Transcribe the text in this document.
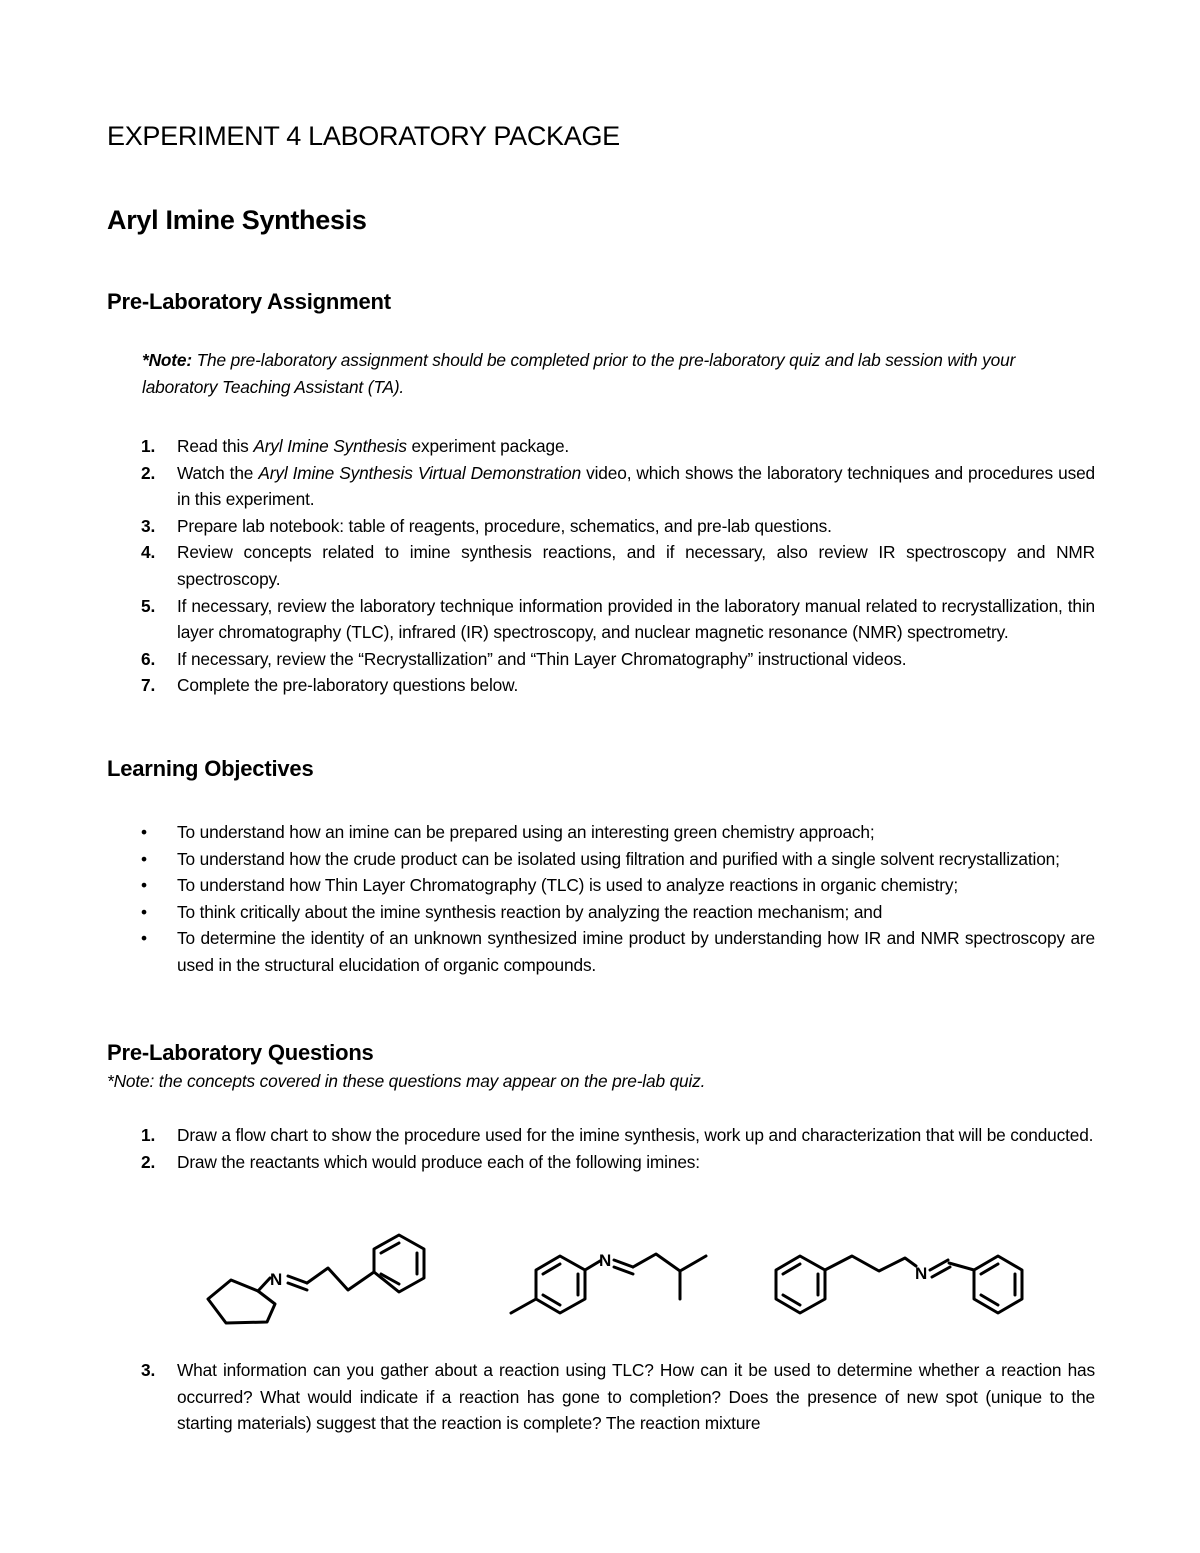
EXPERIMENT 4 LABORATORY PACKAGE
Aryl Imine Synthesis
Pre-Laboratory Assignment

*Note: The pre-laboratory assignment should be completed prior to the pre-laboratory quiz and lab session with your laboratory Teaching Assistant (TA).

1. Read this Aryl Imine Synthesis experiment package.
2. Watch the Aryl Imine Synthesis Virtual Demonstration video, which shows the laboratory techniques and procedures used in this experiment.
3. Prepare lab notebook: table of reagents, procedure, schematics, and pre-lab questions.
4. Review concepts related to imine synthesis reactions, and if necessary, also review IR spectroscopy and NMR spectroscopy.
5. If necessary, review the laboratory technique information provided in the laboratory manual related to recrystallization, thin layer chromatography (TLC), infrared (IR) spectroscopy, and nuclear magnetic resonance (NMR) spectrometry.
6. If necessary, review the “Recrystallization” and “Thin Layer Chromatography” instructional videos.
7. Complete the pre-laboratory questions below.
Learning Objectives
• To understand how an imine can be prepared using an interesting green chemistry approach;
• To understand how the crude product can be isolated using filtration and purified with a single solvent recrystallization;
• To understand how Thin Layer Chromatography (TLC) is used to analyze reactions in organic chemistry;
• To think critically about the imine synthesis reaction by analyzing the reaction mechanism; and
• To determine the identity of an unknown synthesized imine product by understanding how IR and NMR spectroscopy are used in the structural elucidation of organic compounds.
Pre-Laboratory Questions

*Note: the concepts covered in these questions may appear on the pre-lab quiz.

1. Draw a flow chart to show the procedure used for the imine synthesis, work up and characterization that will be conducted.
2. Draw the reactants which would produce each of the following imines:
N
N
N
3. What information can you gather about a reaction using TLC? How can it be used to determine whether a reaction has occurred? What would indicate if a reaction has gone to completion? Does the presence of new spot (unique to the starting materials) suggest that the reaction is complete? The reaction mixture
